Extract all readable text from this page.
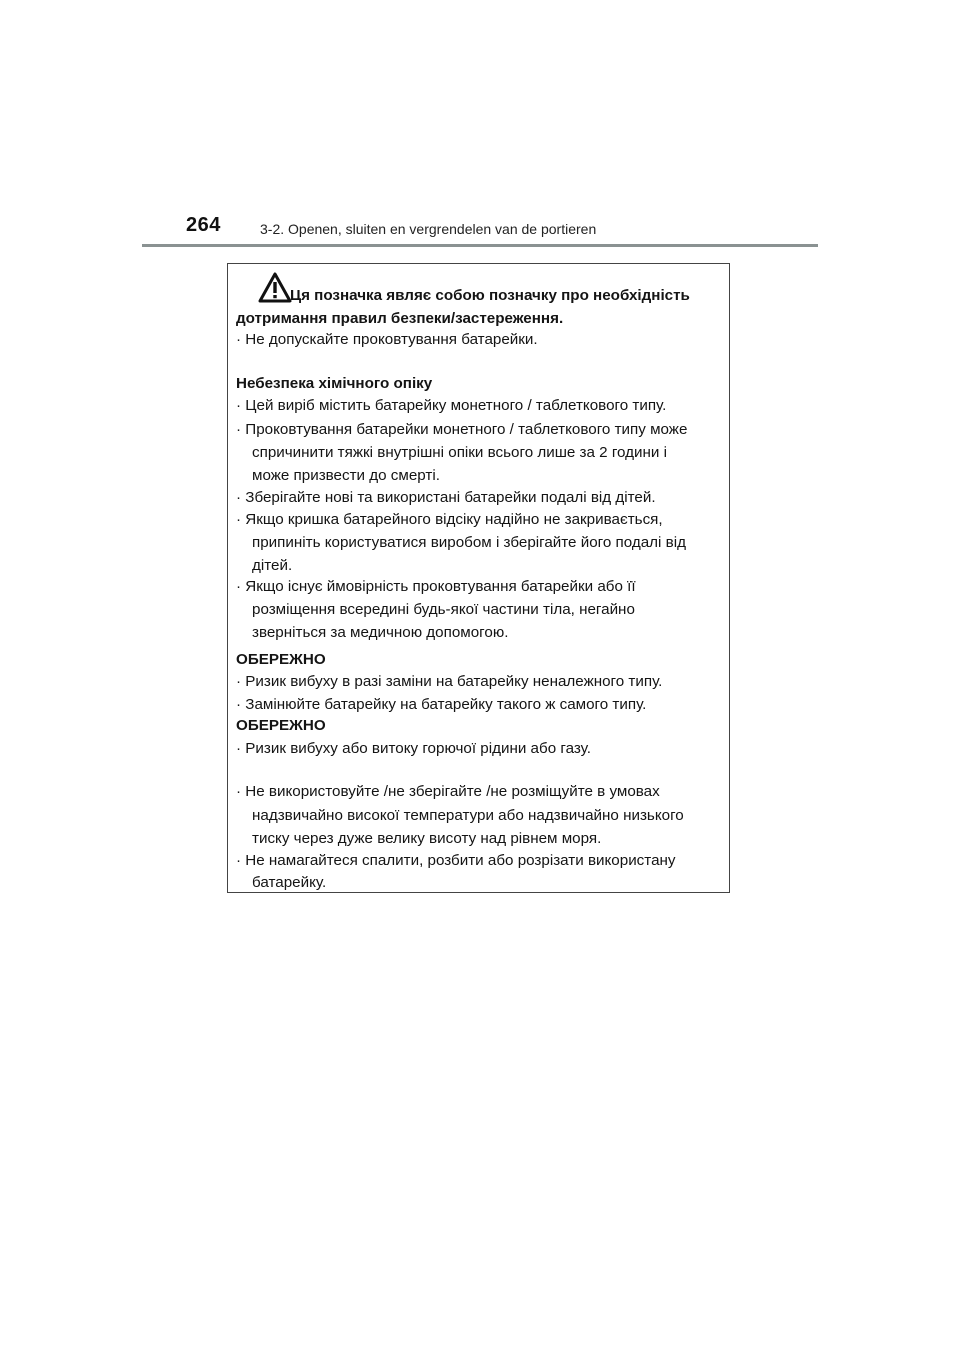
264	3-2. Openen, sluiten en vergrendelen van de portieren
Ця позначка являє собою позначку про необхідність
дотримання правил безпеки/застереження.
· Не допускайте проковтування батарейки.
Небезпека хімічного опіку
· Цей виріб містить батарейку монетного / таблеткового типу.
· Проковтування батарейки монетного / таблеткового типу може
спричинити тяжкі внутрішні опіки всього лише за 2 години і
може призвести до смерті.
· Зберігайте нові та використані батарейки подалі від дітей.
· Якщо кришка батарейного відсіку надійно не закривається,
припиніть користуватися виробом і зберігайте його подалі від
дітей.
· Якщо існує ймовірність проковтування батарейки або її
розміщення всередині будь-якої частини тіла, негайно
зверніться за медичною допомогою.
ОБЕРЕЖНО
· Ризик вибуху в разі заміни на батарейку неналежного типу.
· Замінюйте батарейку на батарейку такого ж самого типу.
ОБЕРЕЖНО
· Ризик вибуху або витоку горючої рідини або газу.
· Не використовуйте /не зберігайте /не розміщуйте в умовах
надзвичайно високої температури або надзвичайно низького
тиску через дуже велику висоту над рівнем моря.
· Не намагайтеся спалити, розбити або розрізати використану
батарейку.
